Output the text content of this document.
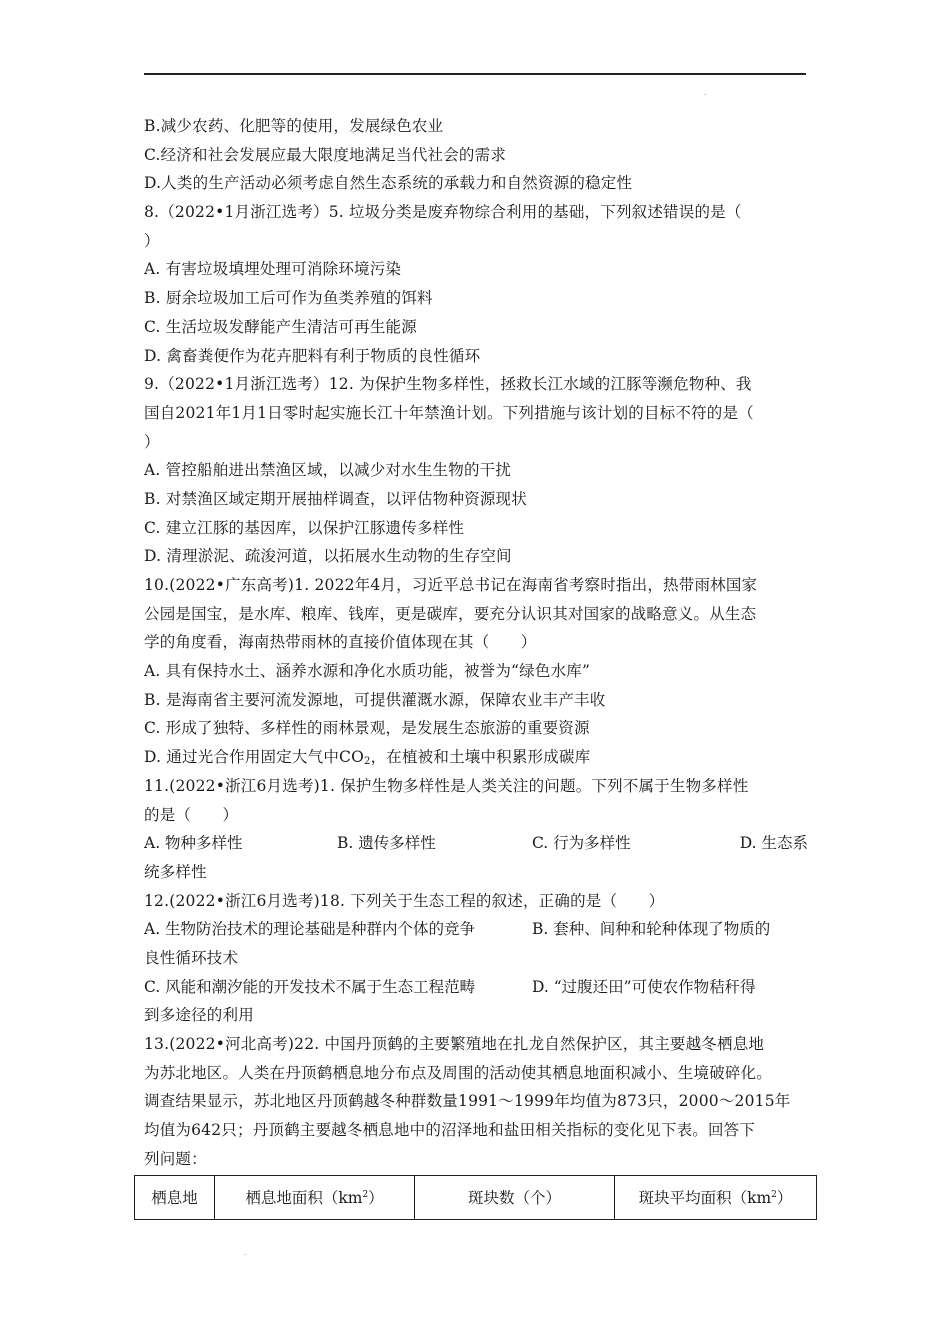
.
B.减少农药、化肥等的使用，发展绿色农业
C.经济和社会发展应最大限度地满足当代社会的需求
D.人类的生产活动必须考虑自然生态系统的承载力和自然资源的稳定性
8.（2022•1月浙江选考）5. 垃圾分类是废弃物综合利用的基础，下列叙述错误的是（
）
A. 有害垃圾填埋处理可消除环境污染
B. 厨余垃圾加工后可作为鱼类养殖的饵料
C. 生活垃圾发酵能产生清洁可再生能源
D. 禽畜粪便作为花卉肥料有利于物质的良性循环
9.（2022•1月浙江选考）12. 为保护生物多样性，拯救长江水域的江豚等濒危物种、我
国自2021年1月1日零时起实施长江十年禁渔计划。下列措施与该计划的目标不符的是（
）
A. 管控船舶进出禁渔区域，以减少对水生生物的干扰
B. 对禁渔区域定期开展抽样调查，以评估物种资源现状
C. 建立江豚的基因库，以保护江豚遗传多样性
D. 清理淤泥、疏浚河道，以拓展水生动物的生存空间
10.(2022•广东高考)1. 2022年4月，习近平总书记在海南省考察时指出，热带雨林国家
公园是国宝，是水库、粮库、钱库，更是碳库，要充分认识其对国家的战略意义。从生态
学的角度看，海南热带雨林的直接价值体现在其（　　）
A. 具有保持水土、涵养水源和净化水质功能，被誉为“绿色水库”
B. 是海南省主要河流发源地，可提供灌溉水源，保障农业丰产丰收
C. 形成了独特、多样性的雨林景观，是发展生态旅游的重要资源
D. 通过光合作用固定大气中$CO_2$，在植被和土壤中积累形成碳库
11.(2022•浙江6月选考)1. 保护生物多样性是人类关注的问题。下列不属于生物多样性
的是（　　）
A. 物种多样性	B. 遗传多样性	C. 行为多样性	D. 生态系
统多样性
12.(2022•浙江6月选考)18. 下列关于生态工程的叙述，正确的是（　　）
A. 生物防治技术的理论基础是种群内个体的竞争	B. 套种、间种和轮种体现了物质的
良性循环技术
C. 风能和潮汐能的开发技术不属于生态工程范畴	D. “过腹还田”可使农作物秸秆得
到多途径的利用
13.(2022•河北高考)22. 中国丹顶鹤的主要繁殖地在扎龙自然保护区，其主要越冬栖息地
为苏北地区。人类在丹顶鹤栖息地分布点及周围的活动使其栖息地面积减小、生境破碎化。
调查结果显示，苏北地区丹顶鹤越冬种群数量1991～1999年均值为873只，2000～2015年
均值为642只；丹顶鹤主要越冬栖息地中的沼泽地和盐田相关指标的变化见下表。回答下
列问题：
栖息地	栖息地面积$(km^2)$	斑块数（个）	斑块平均面积$(km^2)$
.
